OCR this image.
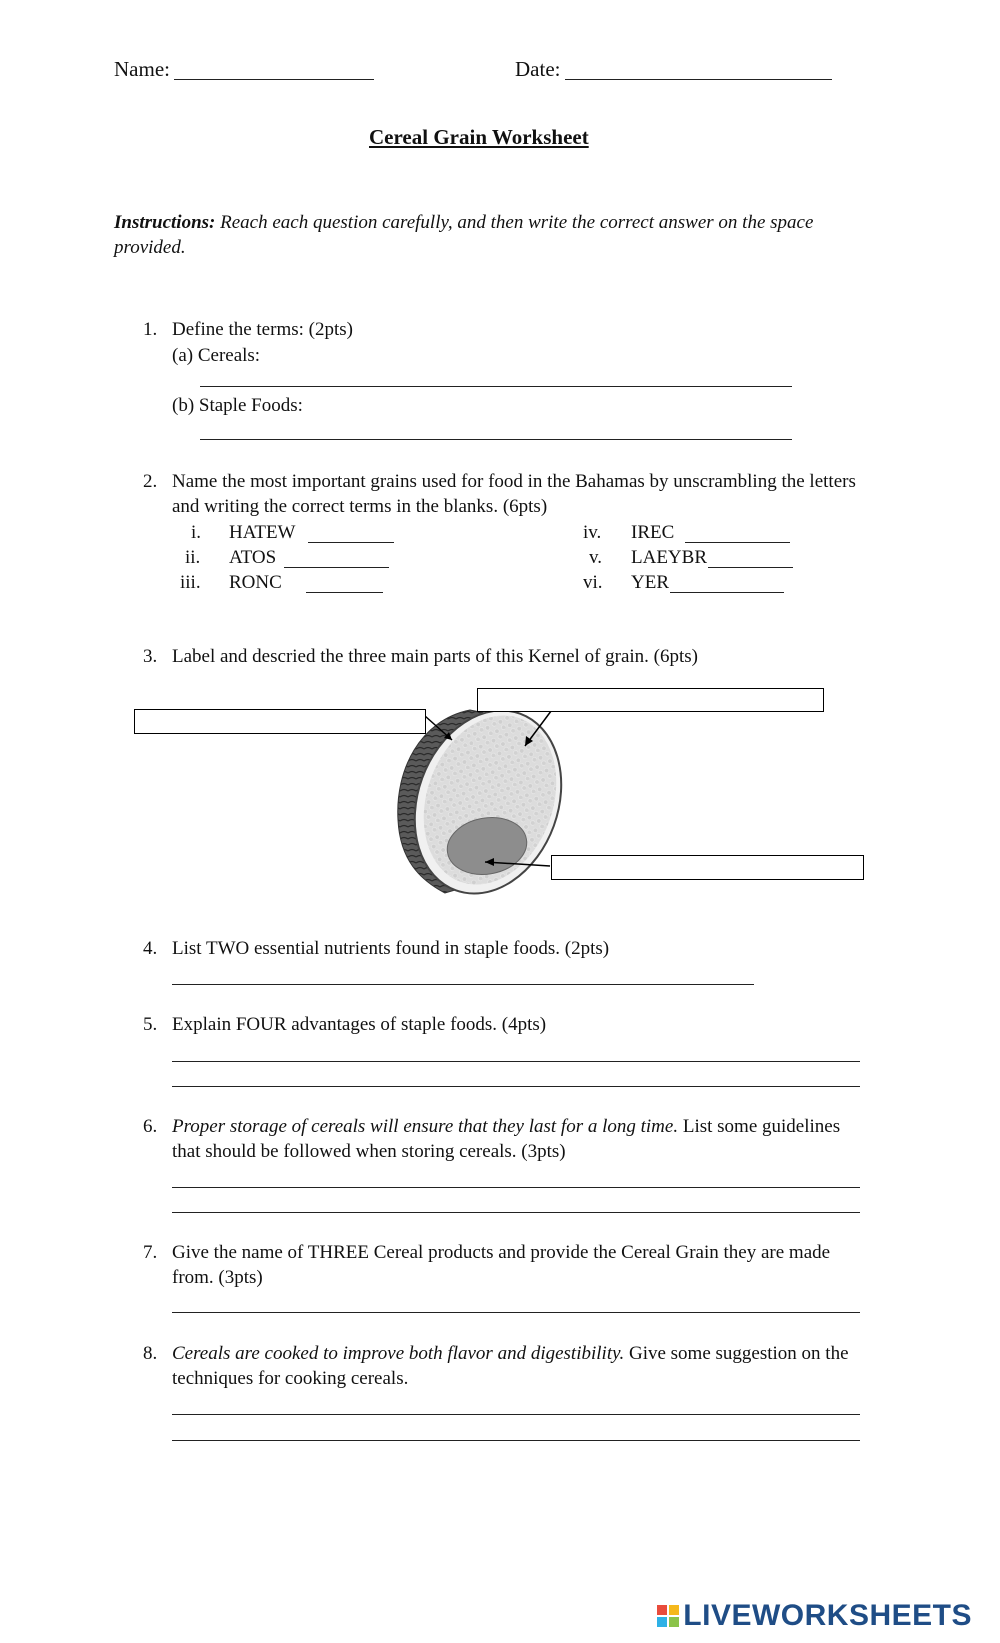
Name:	Date:
Cereal Grain Worksheet
Instructions: Reach each question carefully, and then write the correct answer on the space
provided.
1. Define the terms: (2pts)
(a) Cereals:
(b) Staple Foods:
2. Name the most important grains used for food in the Bahamas by unscrambling the letters
and writing the correct terms in the blanks. (6pts)
i. HATEW
ii. ATOS
iii. RONC
iv. IREC
v. LAEYBR
vi. YER
3. Label and descried the three main parts of this Kernel of grain. (6pts)
4. List TWO essential nutrients found in staple foods. (2pts)
5. Explain FOUR advantages of staple foods. (4pts)
6. Proper storage of cereals will ensure that they last for a long time. List some guidelines
that should be followed when storing cereals. (3pts)
7. Give the name of THREE Cereal products and provide the Cereal Grain they are made
from. (3pts)
8. Cereals are cooked to improve both flavor and digestibility. Give some suggestion on the
techniques for cooking cereals.
LIVEWORKSHEETS
